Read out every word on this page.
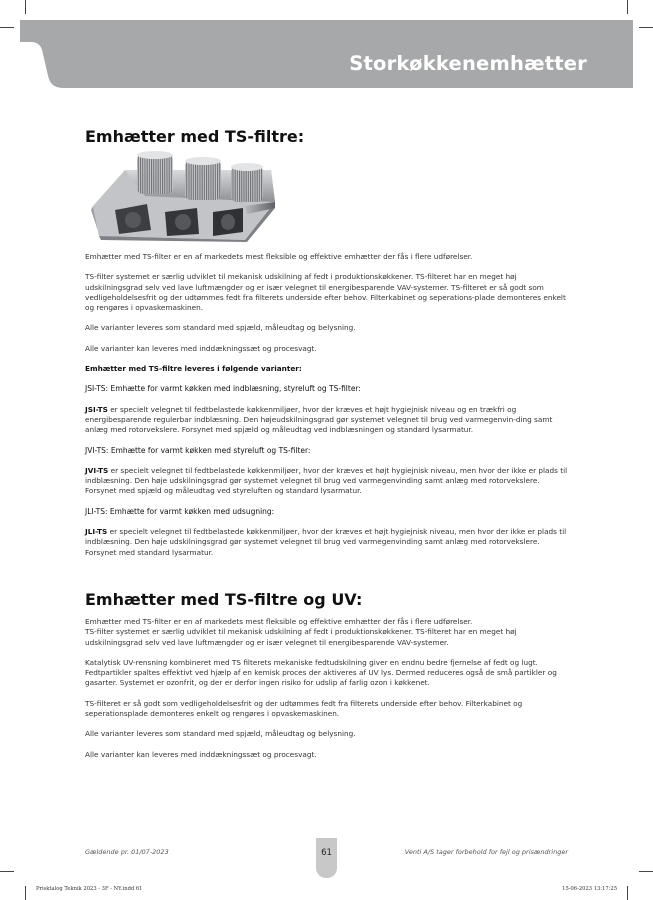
Storkøkkenemhætter
Emhætter med TS-filtre:

Emhætter med TS-filter er en af markedets mest fleksible og effektive emhætter der fås i flere udførelser.

TS-filter systemet er særlig udviklet til mekanisk udskilning af fedt i produktionskøkkener. TS-filteret har en meget høj udskilningsgrad selv ved lave luftmængder og er især velegnet til energibesparende VAV-systemer. TS-filteret er så godt som vedligeholdelsesfrit og der udtømmes fedt fra filterets underside efter behov. Filterkabinet og seperations-plade demonteres enkelt og rengøres i opvaskemaskinen.

Alle varianter leveres som standard med spjæld, måleudtag og belysning.

Alle varianter kan leveres med inddækningssæt og procesvagt.

Emhætter med TS-filtre leveres i følgende varianter:

JSI-TS: Emhætte for varmt køkken med indblæsning, styreluft og TS-filter:

JSI-TS er specielt velegnet til fedtbelastede køkkenmiljøer, hvor der kræves et højt hygiejnisk niveau og en trækfri og energibesparende regulerbar indblæsning. Den højeudskilningsgrad gør systemet velegnet til brug ved varmegenvin-ding samt anlæg med rotorvekslere. Forsynet med spjæld og måleudtag ved indblæsningen og standard lysarmatur.

JVI-TS: Emhætte for varmt køkken med styreluft og TS-filter:

JVI-TS er specielt velegnet til fedtbelastede køkkenmiljøer, hvor der kræves et højt hygiejnisk niveau, men hvor der ikke er plads til indblæsning. Den høje udskilningsgrad gør systemet velegnet til brug ved varmegenvinding samt anlæg med rotorvekslere. Forsynet med spjæld og måleudtag ved styreluften og standard lysarmatur.

JLI-TS: Emhætte for varmt køkken med udsugning:

JLI-TS er specielt velegnet til fedtbelastede køkkenmiljøer, hvor der kræves et højt hygiejnisk niveau, men hvor der ikke er plads til indblæsning. Den høje udskilningsgrad gør systemet velegnet til brug ved varmegenvinding samt anlæg med rotorvekslere. Forsynet med standard lysarmatur.

Emhætter med TS-filtre og UV:

Emhætter med TS-filter er en af markedets mest fleksible og effektive emhætter der fås i flere udførelser.
TS-filter systemet er særlig udviklet til mekanisk udskilning af fedt i produktionskøkkener. TS-filteret har en meget høj udskilningsgrad selv ved lave luftmængder og er især velegnet til energibesparende VAV-systemer.

Katalytisk UV-rensning kombineret med TS filterets mekaniske fedtudskilning giver en endnu bedre fjernelse af fedt og lugt. Fedtpartikler spaltes effektivt ved hjælp af en kemisk proces der aktiveres af UV lys. Dermed reduceres også de små partikler og gasarter. Systemet er ozonfrit, og der er derfor ingen risiko for udslip af farlig ozon i køkkenet.

TS-filteret er så godt som vedligeholdelsesfrit og der udtømmes fedt fra filterets underside efter behov. Filterkabinet og seperationsplade demonteres enkelt og rengøres i opvaskemaskinen.

Alle varianter leveres som standard med spjæld, måleudtag og belysning.

Alle varianter kan leveres med inddækningssæt og procesvagt.

Gældende pr. 01/07-2023	Venti A/S tager forbehold for fejl og prisændringer
61
Prisktalog Teknik 2023 - 3F - NY.indd 61	15-06-2023 13:17:25
